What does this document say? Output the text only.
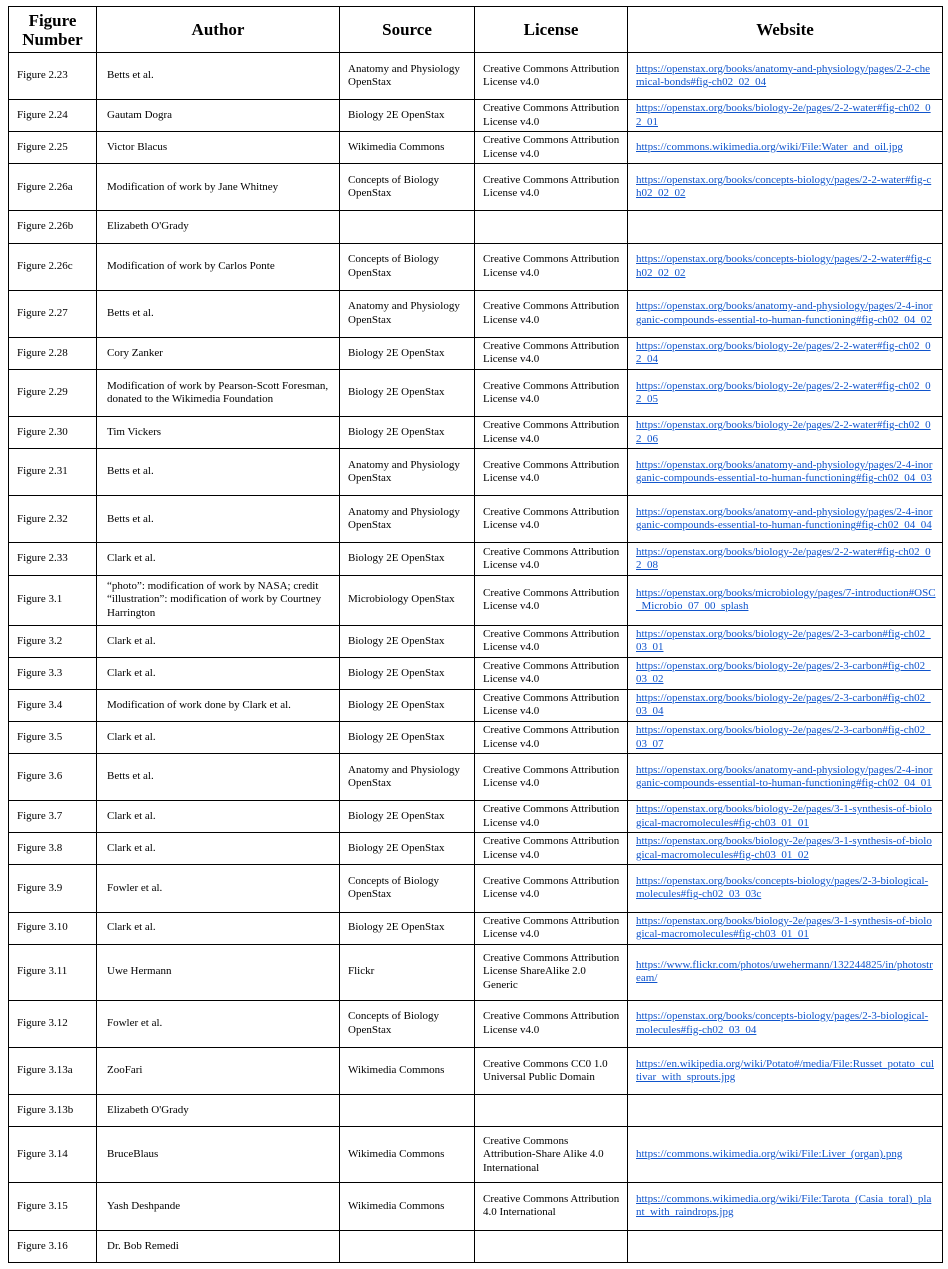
Figure Number	Author	Source	License	Website
Figure 2.23	Betts et al.	Anatomy and Physiology OpenStax	Creative Commons Attribution License v4.0	https://openstax.org/books/anatomy-and-physiology/pages/2-2-chemical-bonds#fig-ch02_02_04
Figure 2.24	Gautam Dogra	Biology 2E OpenStax	Creative Commons Attribution License v4.0	https://openstax.org/books/biology-2e/pages/2-2-water#fig-ch02_02_01
Figure 2.25	Victor Blacus	Wikimedia Commons	Creative Commons Attribution License v4.0	https://commons.wikimedia.org/wiki/File:Water_and_oil.jpg
Figure 2.26a	Modification of work by Jane Whitney	Concepts of Biology OpenStax	Creative Commons Attribution License v4.0	https://openstax.org/books/concepts-biology/pages/2-2-water#fig-ch02_02_02
Figure 2.26b	Elizabeth O'Grady			
Figure 2.26c	Modification of work by Carlos Ponte	Concepts of Biology OpenStax	Creative Commons Attribution License v4.0	https://openstax.org/books/concepts-biology/pages/2-2-water#fig-ch02_02_02
Figure 2.27	Betts et al.	Anatomy and Physiology OpenStax	Creative Commons Attribution License v4.0	https://openstax.org/books/anatomy-and-physiology/pages/2-4-inorganic-compounds-essential-to-human-functioning#fig-ch02_04_02
Figure 2.28	Cory Zanker	Biology 2E OpenStax	Creative Commons Attribution License v4.0	https://openstax.org/books/biology-2e/pages/2-2-water#fig-ch02_02_04
Figure 2.29	Modification of work by Pearson-Scott Foresman, donated to the Wikimedia Foundation	Biology 2E OpenStax	Creative Commons Attribution License v4.0	https://openstax.org/books/biology-2e/pages/2-2-water#fig-ch02_02_05
Figure 2.30	Tim Vickers	Biology 2E OpenStax	Creative Commons Attribution License v4.0	https://openstax.org/books/biology-2e/pages/2-2-water#fig-ch02_02_06
Figure 2.31	Betts et al.	Anatomy and Physiology OpenStax	Creative Commons Attribution License v4.0	https://openstax.org/books/anatomy-and-physiology/pages/2-4-inorganic-compounds-essential-to-human-functioning#fig-ch02_04_03
Figure 2.32	Betts et al.	Anatomy and Physiology OpenStax	Creative Commons Attribution License v4.0	https://openstax.org/books/anatomy-and-physiology/pages/2-4-inorganic-compounds-essential-to-human-functioning#fig-ch02_04_04
Figure 2.33	Clark et al.	Biology 2E OpenStax	Creative Commons Attribution License v4.0	https://openstax.org/books/biology-2e/pages/2-2-water#fig-ch02_02_08
Figure 3.1	“photo”: modification of work by NASA; credit “illustration”: modification of work by Courtney Harrington	Microbiology OpenStax	Creative Commons Attribution License v4.0	https://openstax.org/books/microbiology/pages/7-introduction#OSC_Microbio_07_00_splash
Figure 3.2	Clark et al.	Biology 2E OpenStax	Creative Commons Attribution License v4.0	https://openstax.org/books/biology-2e/pages/2-3-carbon#fig-ch02_03_01
Figure 3.3	Clark et al.	Biology 2E OpenStax	Creative Commons Attribution License v4.0	https://openstax.org/books/biology-2e/pages/2-3-carbon#fig-ch02_03_02
Figure 3.4	Modification of work done by Clark et al.	Biology 2E OpenStax	Creative Commons Attribution License v4.0	https://openstax.org/books/biology-2e/pages/2-3-carbon#fig-ch02_03_04
Figure 3.5	Clark et al.	Biology 2E OpenStax	Creative Commons Attribution License v4.0	https://openstax.org/books/biology-2e/pages/2-3-carbon#fig-ch02_03_07
Figure 3.6	Betts et al.	Anatomy and Physiology OpenStax	Creative Commons Attribution License v4.0	https://openstax.org/books/anatomy-and-physiology/pages/2-4-inorganic-compounds-essential-to-human-functioning#fig-ch02_04_01
Figure 3.7	Clark et al.	Biology 2E OpenStax	Creative Commons Attribution License v4.0	https://openstax.org/books/biology-2e/pages/3-1-synthesis-of-biological-macromolecules#fig-ch03_01_01
Figure 3.8	Clark et al.	Biology 2E OpenStax	Creative Commons Attribution License v4.0	https://openstax.org/books/biology-2e/pages/3-1-synthesis-of-biological-macromolecules#fig-ch03_01_02
Figure 3.9	Fowler et al.	Concepts of Biology OpenStax	Creative Commons Attribution License v4.0	https://openstax.org/books/concepts-biology/pages/2-3-biological-molecules#fig-ch02_03_03c
Figure 3.10	Clark et al.	Biology 2E OpenStax	Creative Commons Attribution License v4.0	https://openstax.org/books/biology-2e/pages/3-1-synthesis-of-biological-macromolecules#fig-ch03_01_01
Figure 3.11	Uwe Hermann	Flickr	Creative Commons Attribution License ShareAlike 2.0 Generic	https://www.flickr.com/photos/uwehermann/132244825/in/photostream/
Figure 3.12	Fowler et al.	Concepts of Biology OpenStax	Creative Commons Attribution License v4.0	https://openstax.org/books/concepts-biology/pages/2-3-biological-molecules#fig-ch02_03_04
Figure 3.13a	ZooFari	Wikimedia Commons	Creative Commons CC0 1.0 Universal Public Domain	https://en.wikipedia.org/wiki/Potato#/media/File:Russet_potato_cultivar_with_sprouts.jpg
Figure 3.13b	Elizabeth O'Grady			
Figure 3.14	BruceBlaus	Wikimedia Commons	Creative Commons Attribution-Share Alike 4.0 International	https://commons.wikimedia.org/wiki/File:Liver_(organ).png
Figure 3.15	Yash Deshpande	Wikimedia Commons	Creative Commons Attribution 4.0 International	https://commons.wikimedia.org/wiki/File:Tarota_(Casia_toral)_plant_with_raindrops.jpg
Figure 3.16	Dr. Bob Remedi			
